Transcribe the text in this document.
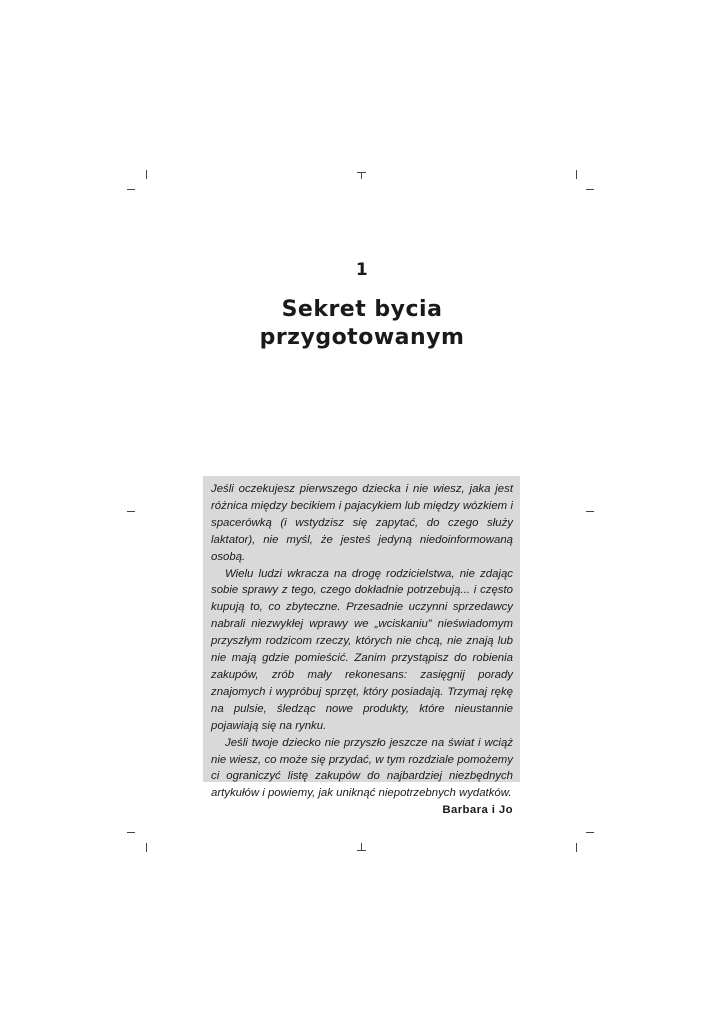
1
Sekret bycia
przygotowanym

Jeśli oczekujesz pierwszego dziecka i nie wiesz, jaka jest różnica między becikiem i pajacykiem lub między wózkiem i spacerówką (i wstydzisz się zapytać, do czego służy laktator), nie myśl, że jesteś jedyną niedoinformowaną osobą.

Wielu ludzi wkracza na drogę rodzicielstwa, nie zdając sobie sprawy z tego, czego dokładnie potrzebują... i często kupują to, co zbyteczne. Przesadnie uczynni sprzedawcy nabrali niezwykłej wprawy we „wciskaniu” nieświadomym przyszłym rodzicom rzeczy, których nie chcą, nie znają lub nie mają gdzie pomieścić. Zanim przystąpisz do robienia zakupów, zrób mały rekonesans: zasięgnij porady znajomych i wypróbuj sprzęt, który posiadają. Trzymaj rękę na pulsie, śledząc nowe produkty, które nieustannie pojawiają się na rynku.

Jeśli twoje dziecko nie przyszło jeszcze na świat i wciąż nie wiesz, co może się przydać, w tym rozdziale pomożemy ci ograniczyć listę zakupów do najbardziej niezbędnych artykułów i powiemy, jak uniknąć niepotrzebnych wydatków.

Barbara i Jo
